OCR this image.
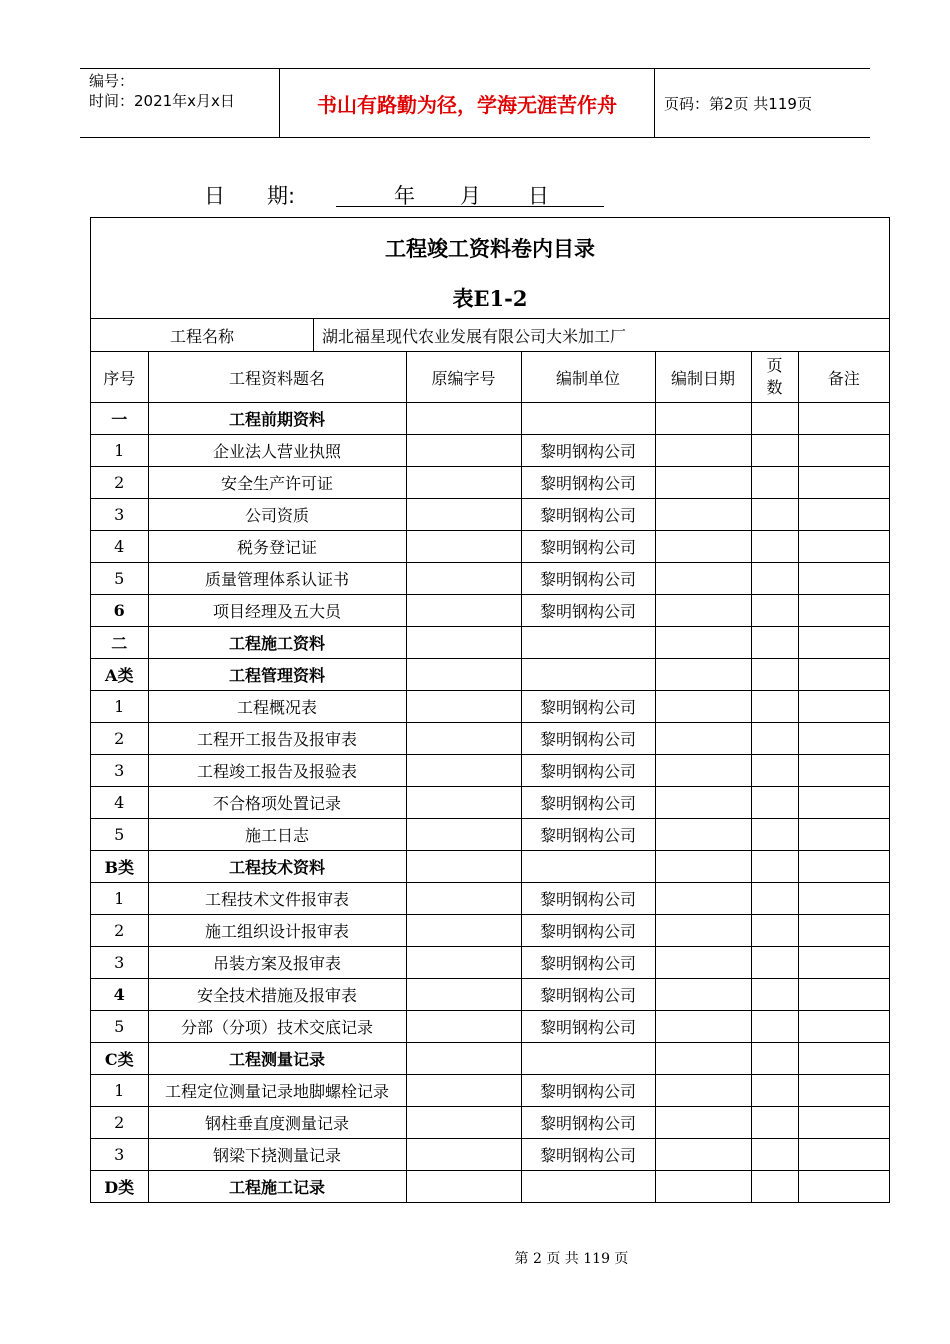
编号：
时间：2021年x月x日	书山有路勤为径，学海无涯苦作舟	页码：第2页 共119页
日　　期:	年 月 日
工程竣工资料卷内目录
表E1-2
工程名称	湖北福星现代农业发展有限公司大米加工厂
序号	工程资料题名	原编字号	编制单位	编制日期	页数	备注
一	工程前期资料					
1	企业法人营业执照		黎明钢构公司			
2	安全生产许可证		黎明钢构公司			
3	公司资质		黎明钢构公司			
4	税务登记证		黎明钢构公司			
5	质量管理体系认证书		黎明钢构公司			
6	项目经理及五大员		黎明钢构公司			
二	工程施工资料					
A类	工程管理资料					
1	工程概况表		黎明钢构公司			
2	工程开工报告及报审表		黎明钢构公司			
3	工程竣工报告及报验表		黎明钢构公司			
4	不合格项处置记录		黎明钢构公司			
5	施工日志		黎明钢构公司			
B类	工程技术资料					
1	工程技术文件报审表		黎明钢构公司			
2	施工组织设计报审表		黎明钢构公司			
3	吊装方案及报审表		黎明钢构公司			
4	安全技术措施及报审表		黎明钢构公司			
5	分部（分项）技术交底记录		黎明钢构公司			
C类	工程测量记录					
1	工程定位测量记录地脚螺栓记录		黎明钢构公司			
2	钢柱垂直度测量记录		黎明钢构公司			
3	钢梁下挠测量记录		黎明钢构公司			
D类	工程施工记录					
第 2 页 共 119 页
